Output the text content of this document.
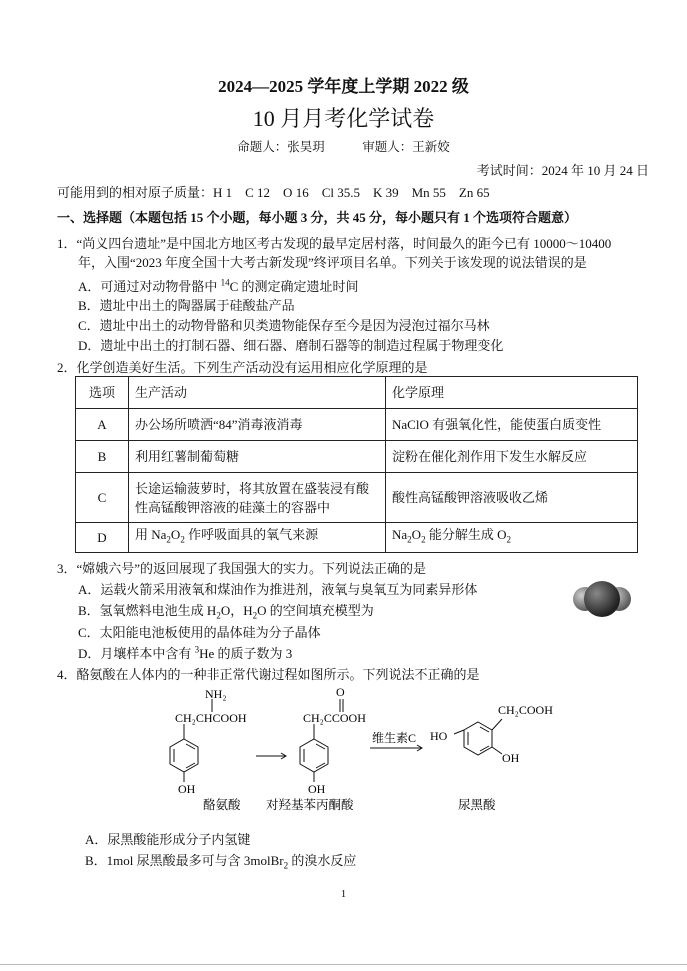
2024—2025 学年度上学期 2022 级
10 月月考化学试卷
命题人：张昊玥　　　审题人：王新姣
考试时间：2024 年 10 月 24 日
可能用到的相对原子质量：H 1　C 12　O 16　Cl 35.5　K 39　Mn 55　Zn 65
一、选择题（本题包括 15 个小题，每小题 3 分，共 45 分，每小题只有 1 个选项符合题意）
1．“尚义四台遗址”是中国北方地区考古发现的最早定居村落，时间最久的距今已有 10000～10400
年，入围“2023 年度全国十大考古新发现”终评项目名单。下列关于该发现的说法错误的是
A．可通过对动物骨骼中 $^{14}$C 的测定确定遗址时间
B．遗址中出土的陶器属于硅酸盐产品
C．遗址中出土的动物骨骼和贝类遗物能保存至今是因为浸泡过福尔马林
D．遗址中出土的打制石器、细石器、磨制石器等的制造过程属于物理变化
2．化学创造美好生活。下列生产活动没有运用相应化学原理的是
选项	生产活动	化学原理
A	办公场所喷洒“84”消毒液消毒	NaClO 有强氧化性，能使蛋白质变性
B	利用红薯制葡萄糖	淀粉在催化剂作用下发生水解反应
C	长途运输菠萝时，将其放置在盛装浸有酸性高锰酸钾溶液的硅藻土的容器中	酸性高锰酸钾溶液吸收乙烯
D	用 $Na_2O_2$ 作呼吸面具的氧气来源	$Na_2O_2$ 能分解生成 $O_2$
3．“嫦娥六号”的返回展现了我国强大的实力。下列说法正确的是
A．运载火箭采用液氧和煤油作为推进剂，液氧与臭氧互为同素异形体
B．氢氧燃料电池生成 $H_2O$，$H_2O$ 的空间填充模型为
C．太阳能电池板使用的晶体硅为分子晶体
D．月壤样本中含有 $^3$He 的质子数为 3
4．酪氨酸在人体内的一种非正常代谢过程如图所示。下列说法不正确的是
NH₂
CH₂CHCOOH
OH
酪氨酸
O
CH₂CCOOH
OH
对羟基苯丙酮酸
维生素C
CH₂COOH
HO
OH
尿黑酸
A．尿黑酸能形成分子内氢键
B．1mol 尿黑酸最多可与含 3molBr$_2$ 的溴水反应
1
